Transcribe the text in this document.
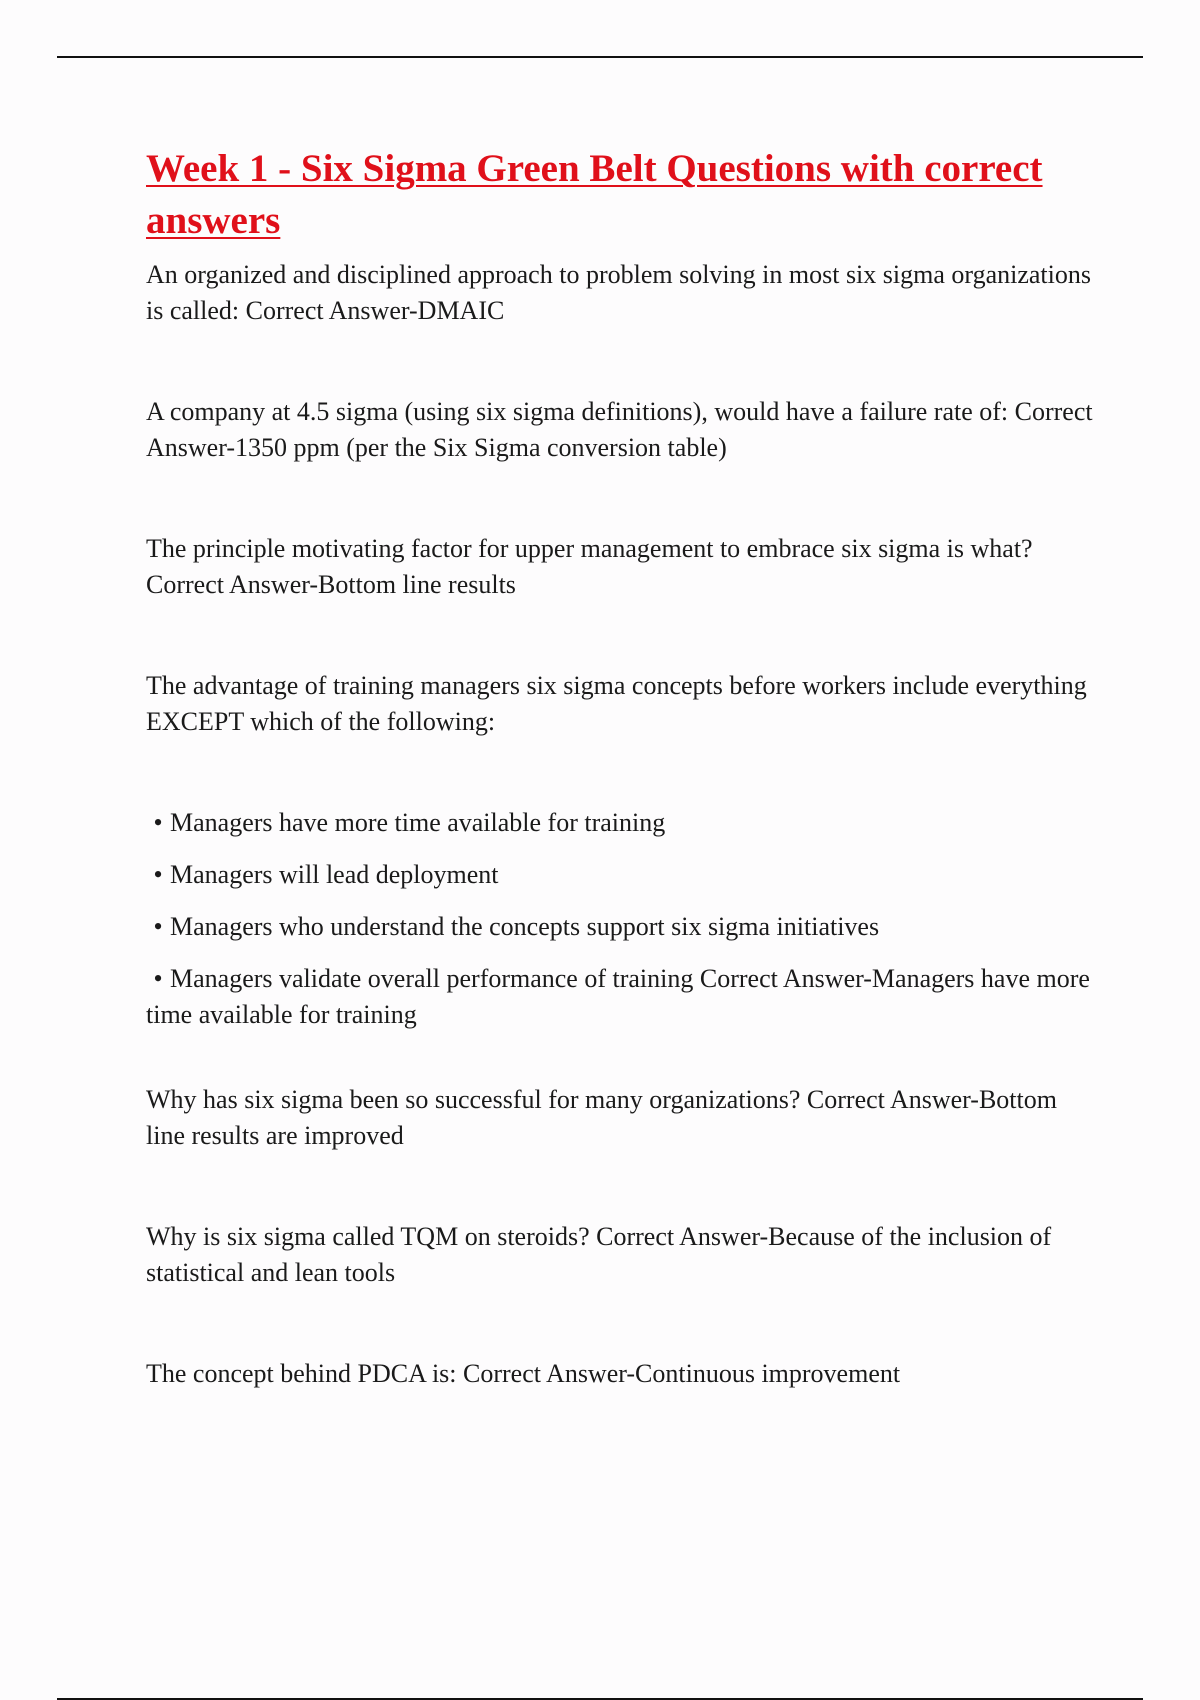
Week 1 - Six Sigma Green Belt Questions with correct answers

An organized and disciplined approach to problem solving in most six sigma organizations is called: Correct Answer-DMAIC

A company at 4.5 sigma (using six sigma definitions), would have a failure rate of: Correct Answer-1350 ppm (per the Six Sigma conversion table)

The principle motivating factor for upper management to embrace six sigma is what? Correct Answer-Bottom line results

The advantage of training managers six sigma concepts before workers include everything EXCEPT which of the following:

• Managers have more time available for training
• Managers will lead deployment
• Managers who understand the concepts support six sigma initiatives
• Managers validate overall performance of training Correct Answer-Managers have more time available for training

Why has six sigma been so successful for many organizations? Correct Answer-Bottom line results are improved

Why is six sigma called TQM on steroids? Correct Answer-Because of the inclusion of statistical and lean tools

The concept behind PDCA is: Correct Answer-Continuous improvement
